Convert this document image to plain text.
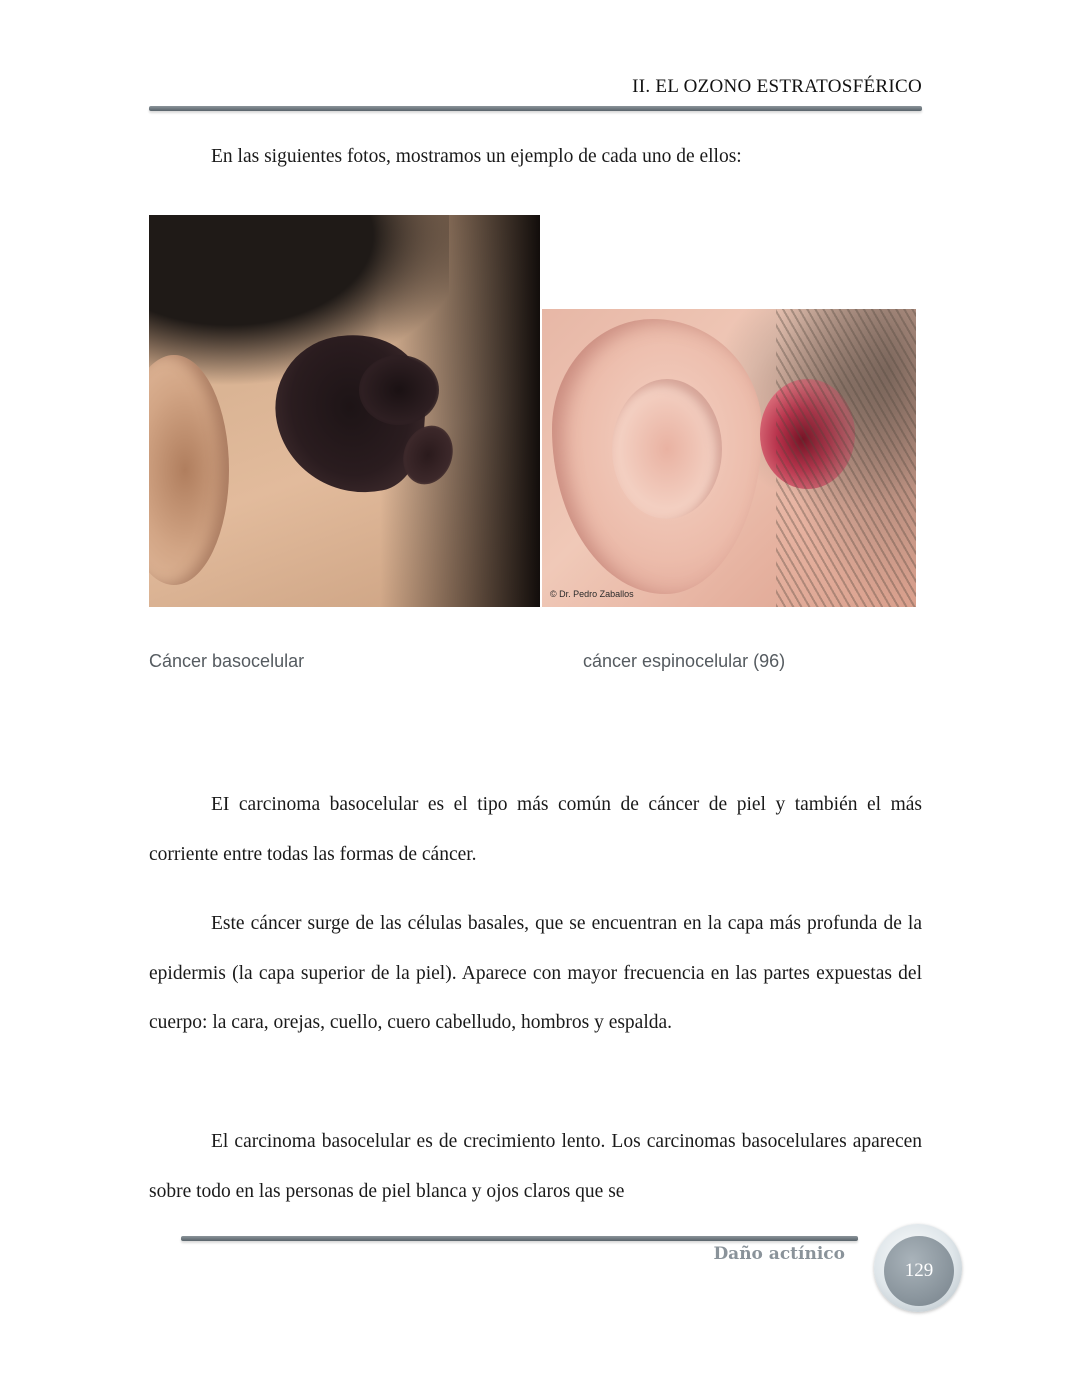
II. EL OZONO ESTRATOSFÉRICO
En las siguientes fotos, mostramos un ejemplo de cada uno de ellos:
© Dr. Pedro Zaballos
Cáncer basocelular	cáncer espinocelular (96)
EI carcinoma basocelular es el tipo más común de cáncer de piel y también el más corriente entre todas las formas de cáncer.
Este cáncer surge de las células basales, que se encuentran en la capa más profunda de la epidermis (la capa superior de la piel). Aparece con mayor frecuencia en las partes expuestas del cuerpo: la cara, orejas, cuello, cuero cabelludo, hombros y espalda.
El carcinoma basocelular es de crecimiento lento. Los carcinomas basocelulares aparecen sobre todo en las personas de piel blanca y ojos claros que se
Daño actínico
129
